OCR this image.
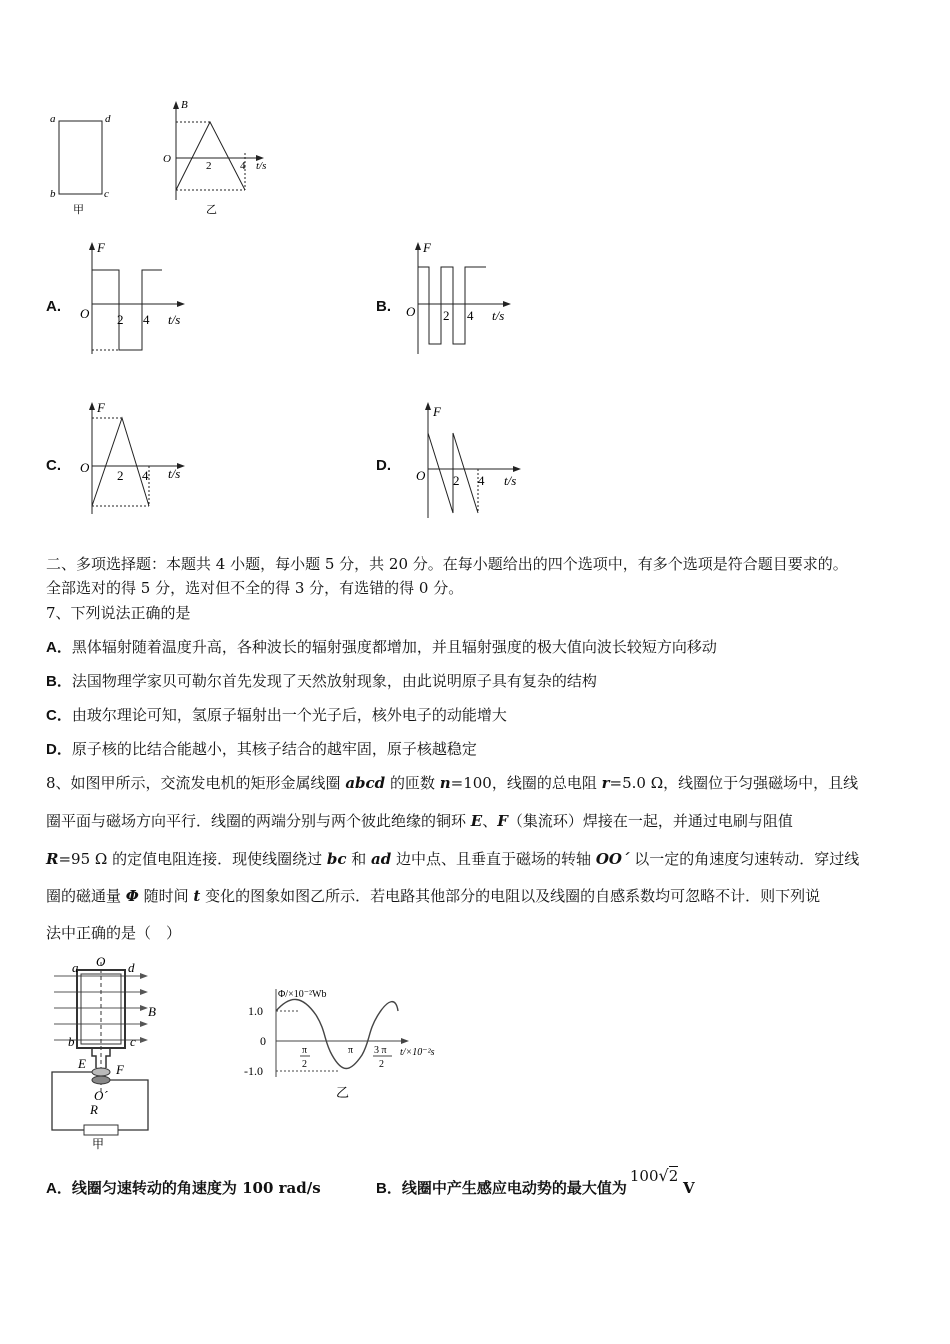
a	d
b	c
甲
B
O
2	4 t/s
乙
A.
F
O 2 4 t/s
B.
F
O 2 4 t/s
C.
F
O
2 4 t/s	D.
F
O 2 4 t/s
二、多项选择题：本题共 4 小题，每小题 5 分，共 20 分。在每小题给出的四个选项中，有多个选项是符合题目要求的。
全部选对的得 5 分，选对但不全的得 3 分，有选错的得 0 分。
7、下列说法正确的是
A．黑体辐射随着温度升高，各种波长的辐射强度都增加，并且辐射强度的极大值向波长较短方向移动
B．法国物理学家贝可勒尔首先发现了天然放射现象，由此说明原子具有复杂的结构
C．由玻尔理论可知，氢原子辐射出一个光子后，核外电子的动能增大
D．原子核的比结合能越小，其核子结合的越牢固，原子核越稳定
8、如图甲所示，交流发电机的矩形金属线圈 abcd 的匝数 n=100，线圈的总电阻 r=5.0 Ω，线圈位于匀强磁场中，且线
圈平面与磁场方向平行．线圈的两端分别与两个彼此绝缘的铜环 E、F（集流环）焊接在一起，并通过电刷与阻值
R=95 Ω 的定值电阻连接．现使线圈绕过 bc 和 ad 边中点、且垂直于磁场的转轴 OO´ 以一定的角速度匀速转动．穿过线
圈的磁通量 Φ 随时间 t 变化的图象如图乙所示．若电路其他部分的电阻以及线圈的自感系数均可忽略不计．则下列说
法中正确的是（　）
a O d
B
b	c
E F
O´
R
甲
Φ/×10⁻²Wb
1.0
0
-1.0
π
2
π 3 π
2
t/×10⁻²s
乙
A．线圈匀速转动的角速度为 100 rad/s	B．线圈中产生感应电动势的最大值为100√2 V
